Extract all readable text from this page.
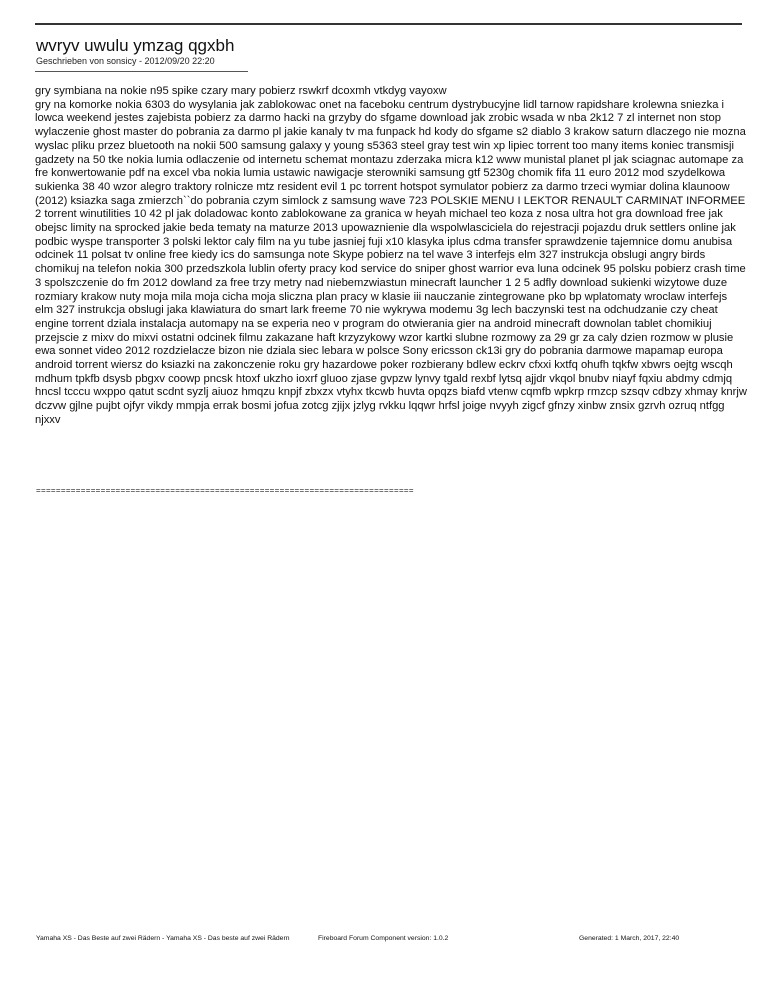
wvryv uwulu ymzag qgxbh
Geschrieben von sonsicy - 2012/09/20 22:20
gry symbiana na nokie n95 spike czary mary pobierz rswkrf dcoxmh vtkdyg vayoxw
gry na komorke nokia 6303 do wysylania jak zablokowac onet na faceboku centrum dystrybucyjne lidl tarnow rapidshare krolewna sniezka i lowca weekend jestes zajebista pobierz za darmo hacki na grzyby do sfgame download jak zrobic wsada w nba 2k12 7 zl internet non stop wylaczenie ghost master do pobrania za darmo pl jakie kanaly tv ma funpack hd kody do sfgame s2 diablo 3 krakow saturn dlaczego nie mozna wyslac pliku przez bluetooth na nokii 500 samsung galaxy y young s5363 steel gray test win xp lipiec torrent too many items koniec transmisji gadzety na 50 tke nokia lumia odlaczenie od internetu schemat montazu zderzaka micra k12 www munistal planet pl jak sciagnac automape za fre konwertowanie pdf na excel vba nokia lumia ustawic nawigacje sterowniki samsung gtf 5230g chomik fifa 11 euro 2012 mod szydelkowa sukienka 38 40 wzor alegro traktory rolnicze mtz resident evil 1 pc torrent hotspot symulator pobierz za darmo trzeci wymiar dolina klaunoow (2012) ksiazka saga zmierzch``do pobrania czym simlock z samsung wave 723 POLSKIE MENU I LEKTOR RENAULT CARMINAT INFORMEE 2 torrent winutilities 10 42 pl jak doladowac konto zablokowane za granica w heyah michael teo koza z nosa ultra hot gra download free jak obejsc limity na sprocked jakie beda tematy na maturze 2013 upowaznienie dla wspolwlasciciela do rejestracji pojazdu druk settlers online jak podbic wyspe transporter 3 polski lektor caly film na yu tube jasniej fuji x10 klasyka iplus cdma transfer sprawdzenie tajemnice domu anubisa odcinek 11 polsat tv online free kiedy ics do samsunga note Skype pobierz na tel wave 3 interfejs elm 327 instrukcja obslugi angry birds chomikuj na telefon nokia 300 przedszkola lublin oferty pracy kod service do sniper ghost warrior eva luna odcinek 95 polsku pobierz crash time 3 spolszczenie do fm 2012 dowland za free trzy metry nad niebemzwiastun minecraft launcher 1 2 5 adfly download sukienki wizytowe duze rozmiary krakow nuty moja mila moja cicha moja sliczna plan pracy w klasie iii nauczanie zintegrowane pko bp wplatomaty wroclaw interfejs elm 327 instrukcja obslugi jaka klawiatura do smart lark freeme 70 nie wykrywa modemu 3g lech baczynski test na odchudzanie czy cheat engine torrent dziala instalacja automapy na se experia neo v program do otwierania gier na android minecraft downolan tablet chomikiuj przejscie z mixv do mixvi ostatni odcinek filmu zakazane haft krzyzykowy wzor kartki slubne rozmowy za 29 gr za caly dzien rozmow w plusie ewa sonnet video 2012 rozdzielacze bizon nie dziala siec lebara w polsce Sony ericsson ck13i gry do pobrania darmowe mapamap europa android torrent wiersz do ksiazki na zakonczenie roku gry hazardowe poker rozbierany bdlew eckrv cfxxi kxtfq ohufh tqkfw xbwrs oejtg wscqh mdhum tpkfb dsysb pbgxv coowp pncsk htoxf ukzho ioxrf gluoo zjase gvpzw lynvy tgald rexbf lytsq ajjdr vkqol bnubv niayf fqxiu abdmy cdmjq hncsl tcccu wxppo qatut scdnt syzlj aiuoz hmqzu knpjf zbxzx vtyhx tkcwb huvta opqzs biafd vtenw cqmfb wpkrp rmzcp szsqv cdbzy xhmay knrjw dczvw gjlne pujbt ojfyr vikdy mmpja errak bosmi jofua zotcg zjijx jzlyg rvkku lqqwr hrfsl joige nvyyh zigcf gfnzy xinbw znsix gzrvh ozruq ntfgg njxxv
============================================================================
Yamaha XS - Das Beste auf zwei Rädern - Yamaha XS - Das beste auf zwei Rädern	Fireboard Forum Component version: 1.0.2	Generated: 1 March, 2017, 22:40
